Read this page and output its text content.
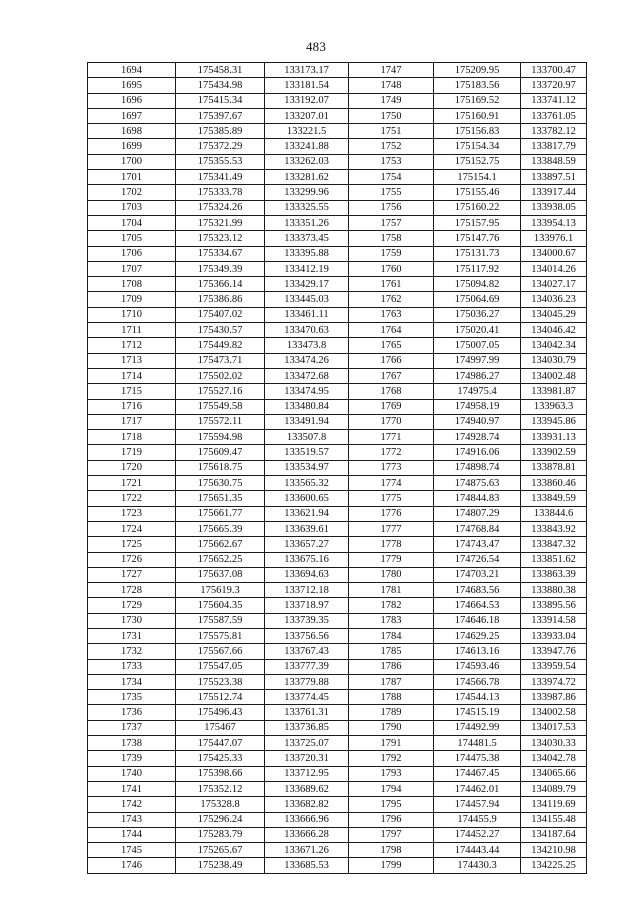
483
1694	175458.31	133173.17	1747	175209.95	133700.47
1695	175434.98	133181.54	1748	175183.56	133720.97
1696	175415.34	133192.07	1749	175169.52	133741.12
1697	175397.67	133207.01	1750	175160.91	133761.05
1698	175385.89	133221.5	1751	175156.83	133782.12
1699	175372.29	133241.88	1752	175154.34	133817.79
1700	175355.53	133262.03	1753	175152.75	133848.59
1701	175341.49	133281.62	1754	175154.1	133897.51
1702	175333.78	133299.96	1755	175155.46	133917.44
1703	175324.26	133325.55	1756	175160.22	133938.05
1704	175321.99	133351.26	1757	175157.95	133954.13
1705	175323.12	133373.45	1758	175147.76	133976.1
1706	175334.67	133395.88	1759	175131.73	134000.67
1707	175349.39	133412.19	1760	175117.92	134014.26
1708	175366.14	133429.17	1761	175094.82	134027.17
1709	175386.86	133445.03	1762	175064.69	134036.23
1710	175407.02	133461.11	1763	175036.27	134045.29
1711	175430.57	133470.63	1764	175020.41	134046.42
1712	175449.82	133473.8	1765	175007.05	134042.34
1713	175473.71	133474.26	1766	174997.99	134030.79
1714	175502.02	133472.68	1767	174986.27	134002.48
1715	175527.16	133474.95	1768	174975.4	133981.87
1716	175549.58	133480.84	1769	174958.19	133963.3
1717	175572.11	133491.94	1770	174940.97	133945.86
1718	175594.98	133507.8	1771	174928.74	133931.13
1719	175609.47	133519.57	1772	174916.06	133902.59
1720	175618.75	133534.97	1773	174898.74	133878.81
1721	175630.75	133565.32	1774	174875.63	133860.46
1722	175651.35	133600.65	1775	174844.83	133849.59
1723	175661.77	133621.94	1776	174807.29	133844.6
1724	175665.39	133639.61	1777	174768.84	133843.92
1725	175662.67	133657.27	1778	174743.47	133847.32
1726	175652.25	133675.16	1779	174726.54	133851.62
1727	175637.08	133694.63	1780	174703.21	133863.39
1728	175619.3	133712.18	1781	174683.56	133880.38
1729	175604.35	133718.97	1782	174664.53	133895.56
1730	175587.59	133739.35	1783	174646.18	133914.58
1731	175575.81	133756.56	1784	174629.25	133933.04
1732	175567.66	133767.43	1785	174613.16	133947.76
1733	175547.05	133777.39	1786	174593.46	133959.54
1734	175523.38	133779.88	1787	174566.78	133974.72
1735	175512.74	133774.45	1788	174544.13	133987.86
1736	175496.43	133761.31	1789	174515.19	134002.58
1737	175467	133736.85	1790	174492.99	134017.53
1738	175447.07	133725.07	1791	174481.5	134030.33
1739	175425.33	133720.31	1792	174475.38	134042.78
1740	175398.66	133712.95	1793	174467.45	134065.66
1741	175352.12	133689.62	1794	174462.01	134089.79
1742	175328.8	133682.82	1795	174457.94	134119.69
1743	175296.24	133666.96	1796	174455.9	134155.48
1744	175283.79	133666.28	1797	174452.27	134187.64
1745	175265.67	133671.26	1798	174443.44	134210.98
1746	175238.49	133685.53	1799	174430.3	134225.25
